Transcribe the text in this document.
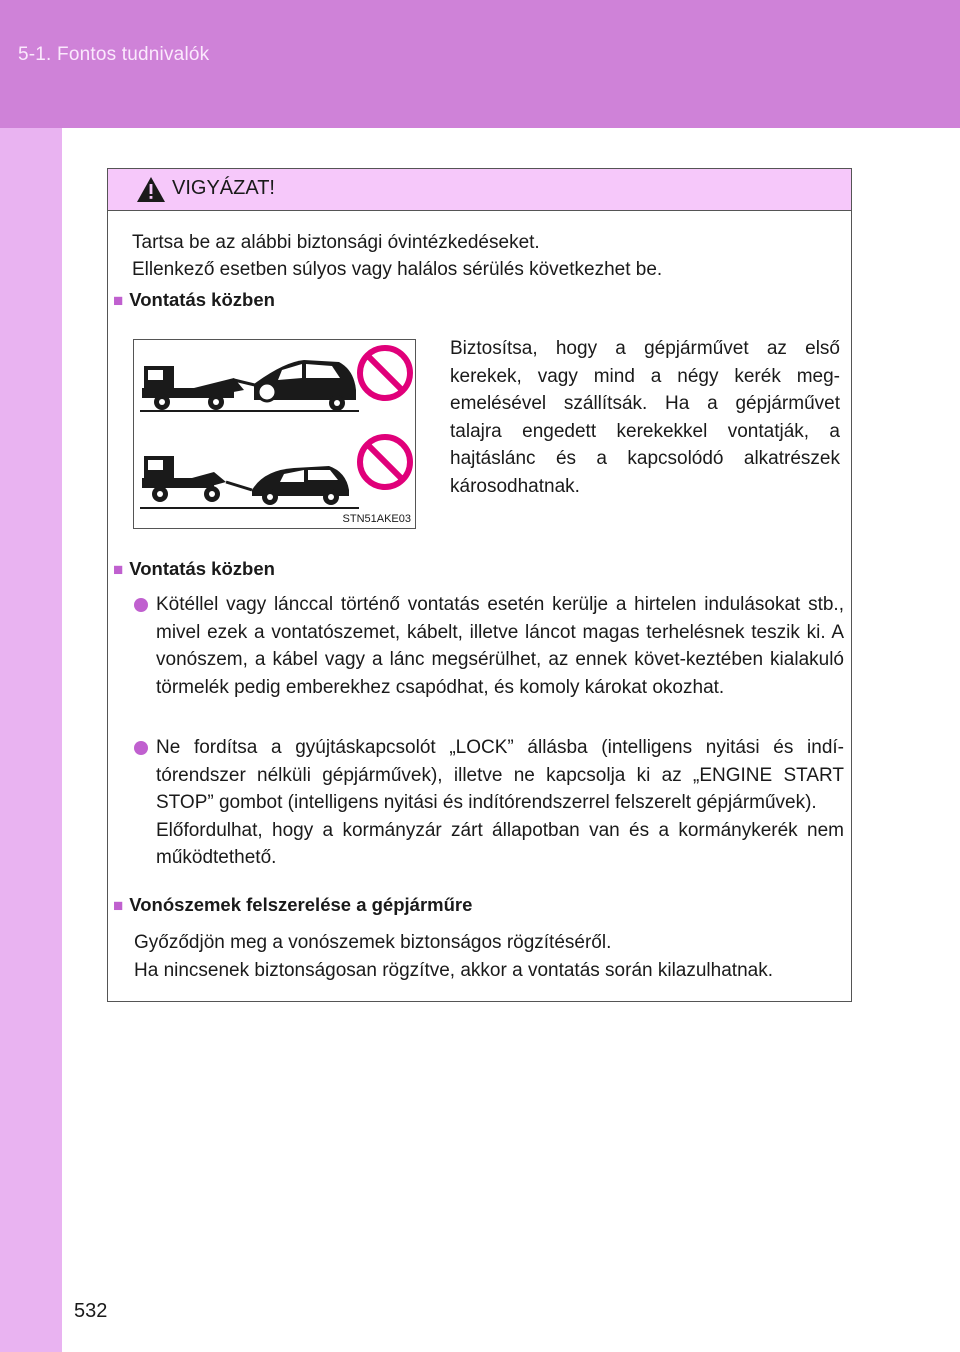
5-1. Fontos tudnivalók
VIGYÁZAT!
Tartsa be az alábbi biztonsági óvintézkedéseket.
Ellenkező esetben súlyos vagy halálos sérülés következhet be.
■ Vontatás közben
STN51AKE03
Biztosítsa, hogy a gépjárművet az első kerekek, vagy mind a négy kerék meg-emelésével szállítsák. Ha a gépjárművet talajra engedett kerekekkel vontatják, a hajtáslánc és a kapcsolódó alkatrészek károsodhatnak.
■ Vontatás közben
Kötéllel vagy lánccal történő vontatás esetén kerülje a hirtelen indulásokat stb., mivel ezek a vontatószemet, kábelt, illetve láncot magas terhelésnek teszik ki. A vonószem, a kábel vagy a lánc megsérülhet, az ennek követ-keztében kialakuló törmelék pedig emberekhez csapódhat, és komoly károkat okozhat.
Ne fordítsa a gyújtáskapcsolót „LOCK” állásba (intelligens nyitási és indí-tórendszer nélküli gépjárművek), illetve ne kapcsolja ki az „ENGINE START STOP” gombot (intelligens nyitási és indítórendszerrel felszerelt gépjárművek).
Előfordulhat, hogy a kormányzár zárt állapotban van és a kormánykerék nem működtethető.
■ Vonószemek felszerelése a gépjárműre
Győződjön meg a vonószemek biztonságos rögzítéséről.
Ha nincsenek biztonságosan rögzítve, akkor a vontatás során kilazulhatnak.
532
